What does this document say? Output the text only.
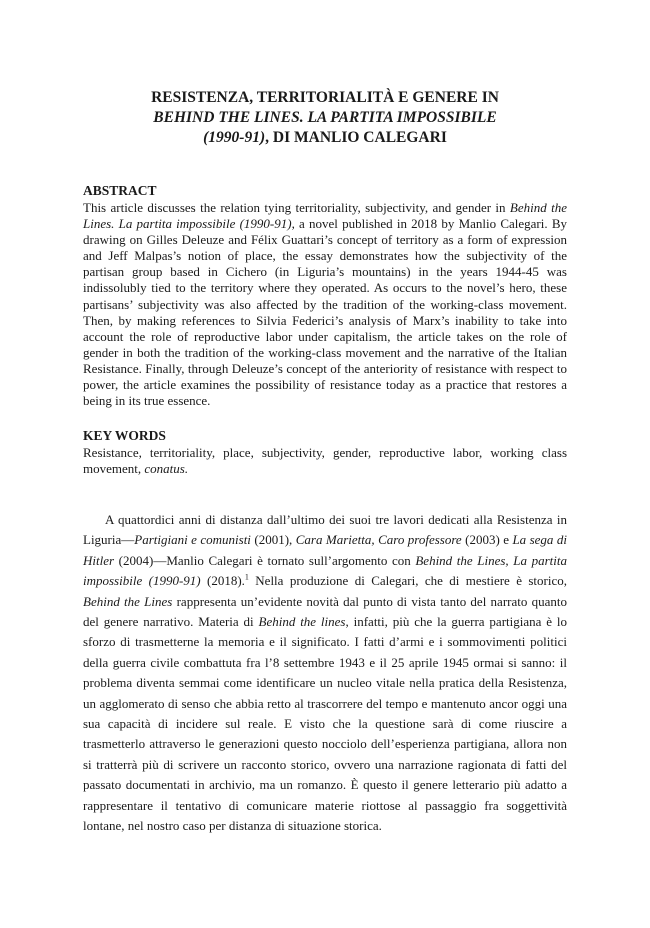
RESISTENZA, TERRITORIALITÀ E GENERE IN
BEHIND THE LINES. LA PARTITA IMPOSSIBILE
(1990-91), DI MANLIO CALEGARI
ABSTRACT

This article discusses the relation tying territoriality, subjectivity, and gender in Behind the Lines. La partita impossibile (1990-91), a novel published in 2018 by Manlio Calegari. By drawing on Gilles Deleuze and Félix Guattari’s concept of territory as a form of expression and Jeff Malpas’s notion of place, the essay demonstrates how the subjectivity of the partisan group based in Cichero (in Liguria’s mountains) in the years 1944-45 was indissolubly tied to the territory where they operated. As occurs to the novel’s hero, these partisans’ subjectivity was also affected by the tradition of the working-class movement. Then, by making references to Silvia Federici’s analysis of Marx’s inability to take into account the role of reproductive labor under capitalism, the article takes on the role of gender in both the tradition of the working-class movement and the narrative of the Italian Resistance. Finally, through Deleuze’s concept of the anteriority of resistance with respect to power, the article examines the possibility of resistance today as a practice that restores a being in its true essence.

KEY WORDS

Resistance, territoriality, place, subjectivity, gender, reproductive labor, working class movement, conatus.

A quattordici anni di distanza dall’ultimo dei suoi tre lavori dedicati alla Resistenza in Liguria—Partigiani e comunisti (2001), Cara Marietta, Caro professore (2003) e La sega di Hitler (2004)—Manlio Calegari è tornato sull’argomento con Behind the Lines, La partita impossibile (1990-91) (2018).$^1$ Nella produzione di Calegari, che di mestiere è storico, Behind the Lines rappresenta un’evidente novità dal punto di vista tanto del narrato quanto del genere narrativo. Materia di Behind the lines, infatti, più che la guerra partigiana è lo sforzo di trasmetterne la memoria e il significato. I fatti d’armi e i sommovimenti politici della guerra civile combattuta fra l’8 settembre 1943 e il 25 aprile 1945 ormai si sanno: il problema diventa semmai come identificare un nucleo vitale nella pratica della Resistenza, un agglomerato di senso che abbia retto al trascorrere del tempo e mantenuto ancor oggi una sua capacità di incidere sul reale. E visto che la questione sarà di come riuscire a trasmetterlo attraverso le generazioni questo nocciolo dell’esperienza partigiana, allora non si tratterrà più di scrivere un racconto storico, ovvero una narrazione ragionata di fatti del passato documentati in archivio, ma un romanzo. È questo il genere letterario più adatto a rappresentare il tentativo di comunicare materie riottose al passaggio fra soggettività lontane, nel nostro caso per distanza di situazione storica.
